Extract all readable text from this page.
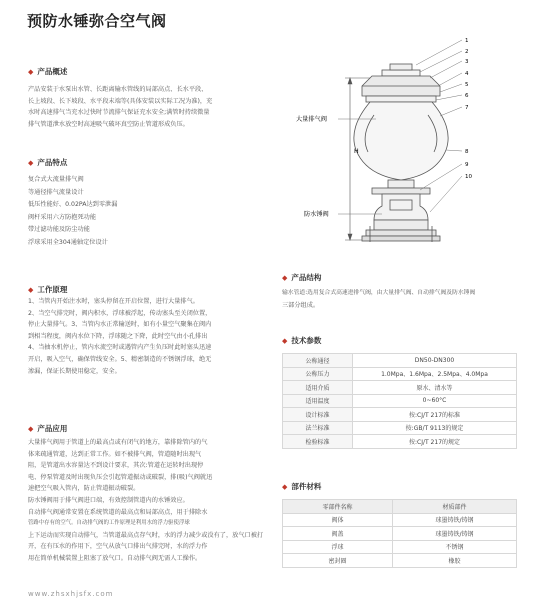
预防水锤弥合空气阀
◆ 产品概述
产品安装于水泵出水管、长距离输水管线的局部高点、长水平段、
长上坡段、长下坡段、水平段末端等(具体安装以实际工况为准)，充
水时高速排气当充水过快时节流排气保证充水安全;满管时持续微量
排气管道泄水放空时高速吸气破坏真空防止管道形成负压。
◆ 产品特点
复合式大流量排气阀
等通径排气流量设计
低压性能好、0.02PA达到零泄漏
阀杆采用六方防抱死功能
带过滤功能及防尘功能
浮球采用全304通轴定位设计
◆ 工作原理
1、当管内开始注水时，塞头停留在开启位置，进行大量排气。
2、当空气排完时，阀内积水，浮球被浮起，传动塞头至关闭位置，
停止大量排气。3、当管内水正常输送时，如有小量空气聚集在阀内
到相当程度，阀内水位下降，浮球随之下降，此时空气由小孔排出
4、当抽水机停止，管内水流空时或遇管内产生负压时此时塞头迅速
开启，吸入空气，确保管线安全。5、精密制造的不锈钢浮球，绝无
渗漏，保证长期使用稳定，安全。
◆ 产品应用
大量排气阀用于管道上的最高点或有闭气的地方，靠排除管内的气
体来疏通管道，达到正常工作。如不被排气阀，管道随时出现气
阻，是管道出水容量达不到设计要求，其次:管道在运转时出现停
电、停泵管道及时出现负压会引起管道振动或破裂，排(吸)气阀就迅
速把空气吸入管内，防止管道振动破裂。
防水锤阀用于排气阀进口端，有效控制管道内的水锤效应。
自动排气阀通常安置在系统管道的最高点和局部高点，用于排除水
管路中存有的空气。自动排气阀的工作原理是利用水的浮力驱使浮球
上下运动而实现自动排气，当管道最高点存气时，水的浮力减少或没有了，放气口被打
开，在有压水的作用下，空气从放气口排出气排完时，水的浮力作
用在简单机械装置上阻塞了放气口。自动排气阀无需人工操作。
www.zhsxhjsfx.com
H
大量排气阀
防水锤阀
1
2
3
4
5
6
7
8
9
10
◆ 产品结构
输水管道:选用复合式高速进排气阀，由大量排气阀、自动排气阀及防水锤阀
三部分组成。
◆ 技术参数
公称通径	DN50-DN300
公称压力	1.0Mpa、1.6Mpa、2.5Mpa、4.0Mpa
适用介质	原水、清水等
适用温度	0~60°C
设计标准	按:CJ/T 217的标准
法兰标准	按:GB/T 9113的规定
检验标准	按:CJ/T 217的规定
◆ 部件材料
零部件名称	材质部件
阀体	球墨铸铁/铸钢
阀盖	球墨铸铁/铸钢
浮球	不锈钢
密封圈	橡胶
